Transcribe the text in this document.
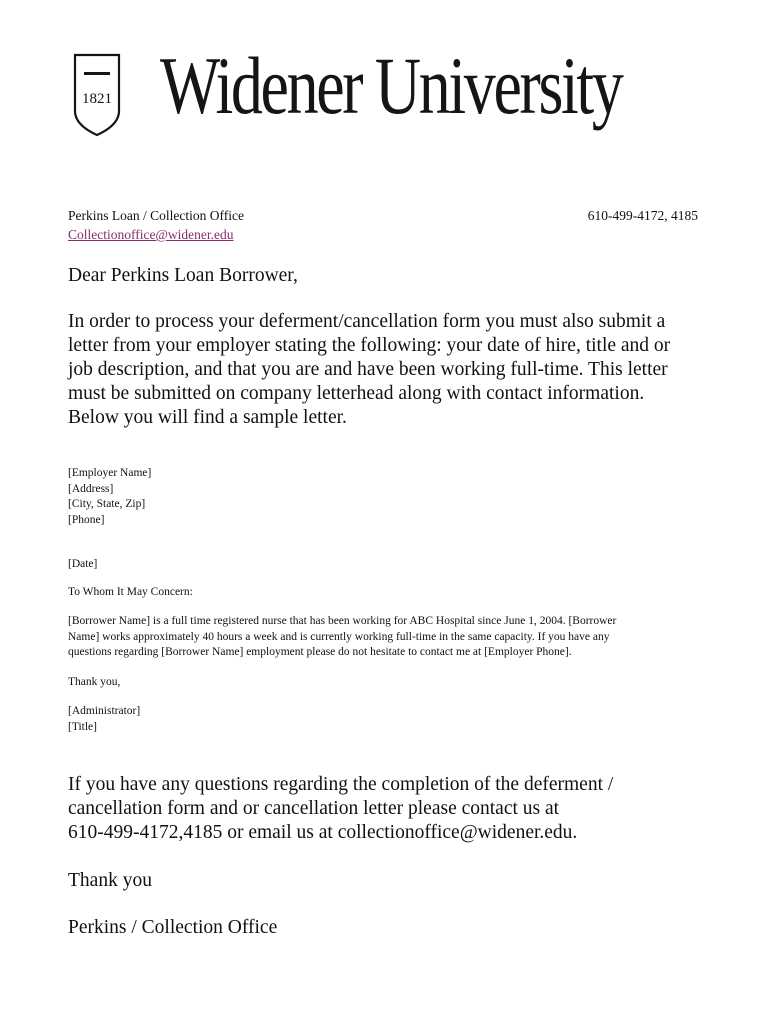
1821 Widener University
Perkins Loan / Collection Office
Collectionoffice@widener.edu
610-499-4172, 4185
Dear Perkins Loan Borrower,

In order to process your deferment/cancellation form you must also submit a
letter from your employer stating the following: your date of hire, title and or
job description, and that you are and have been working full-time. This letter
must be submitted on company letterhead along with contact information.
Below you will find a sample letter.

[Employer Name]
[Address]
[City, State, Zip]
[Phone]
[Date]
To Whom It May Concern:
[Borrower Name] is a full time registered nurse that has been working for ABC Hospital since June 1, 2004. [Borrower
Name] works approximately 40 hours a week and is currently working full-time in the same capacity. If you have any
questions regarding [Borrower Name] employment please do not hesitate to contact me at [Employer Phone].
Thank you,
[Administrator]
[Title]
If you have any questions regarding the completion of the deferment /
cancellation form and or cancellation letter please contact us at
610-499-4172,4185 or email us at collectionoffice@widener.edu.
Thank you
Perkins / Collection Office
